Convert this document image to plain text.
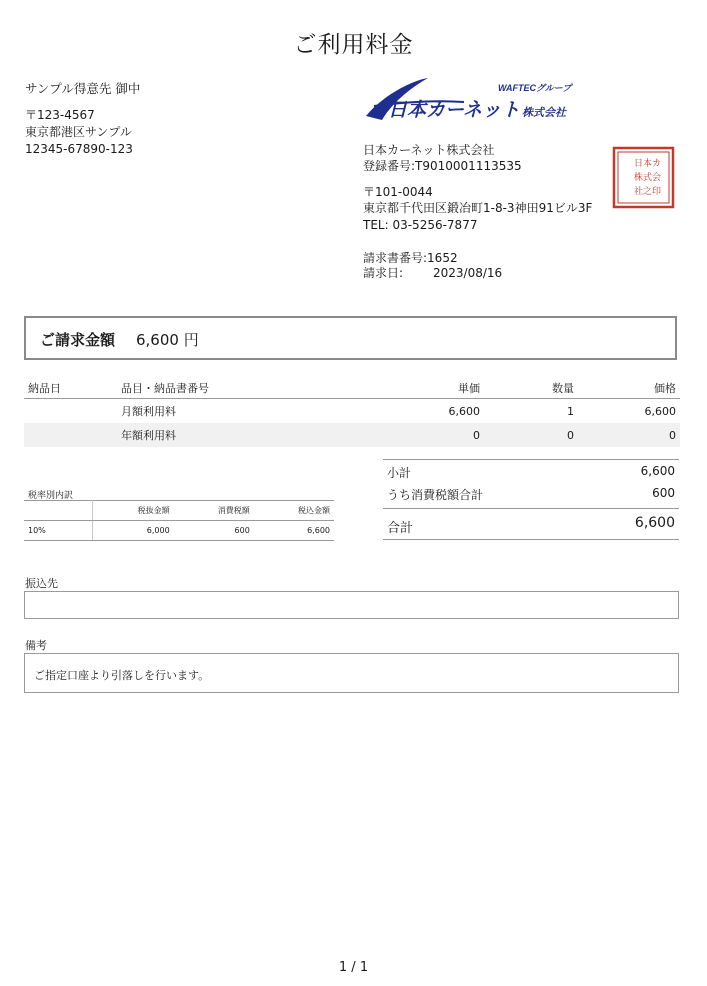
ご利用料金
サンプル得意先 御中
〒123-4567
東京都港区サンプル
12345-67890-123
WAFTECグループ
日本カーネット 株式会社
日本カ
株式会
社之印
日本カーネット株式会社
登録番号:T9010001113535
〒101-0044
東京都千代田区鍛冶町1-8-3神田91ビル3F
TEL: 03-5256-7877
請求書番号:1652
請求日: 2023/08/16
ご請求金額 6,600 円
納品日	品目・納品書番号	単価	数量	価格
	月額利用料	6,600	1	6,600
	年額利用料	0	0	0
小計	6,600
うち消費税額合計	600
合計	6,600
税率別内訳
	税抜金額	消費税額	税込金額
10%	6,000	600	6,600
振込先
備考
ご指定口座より引落しを行います。
1 / 1
